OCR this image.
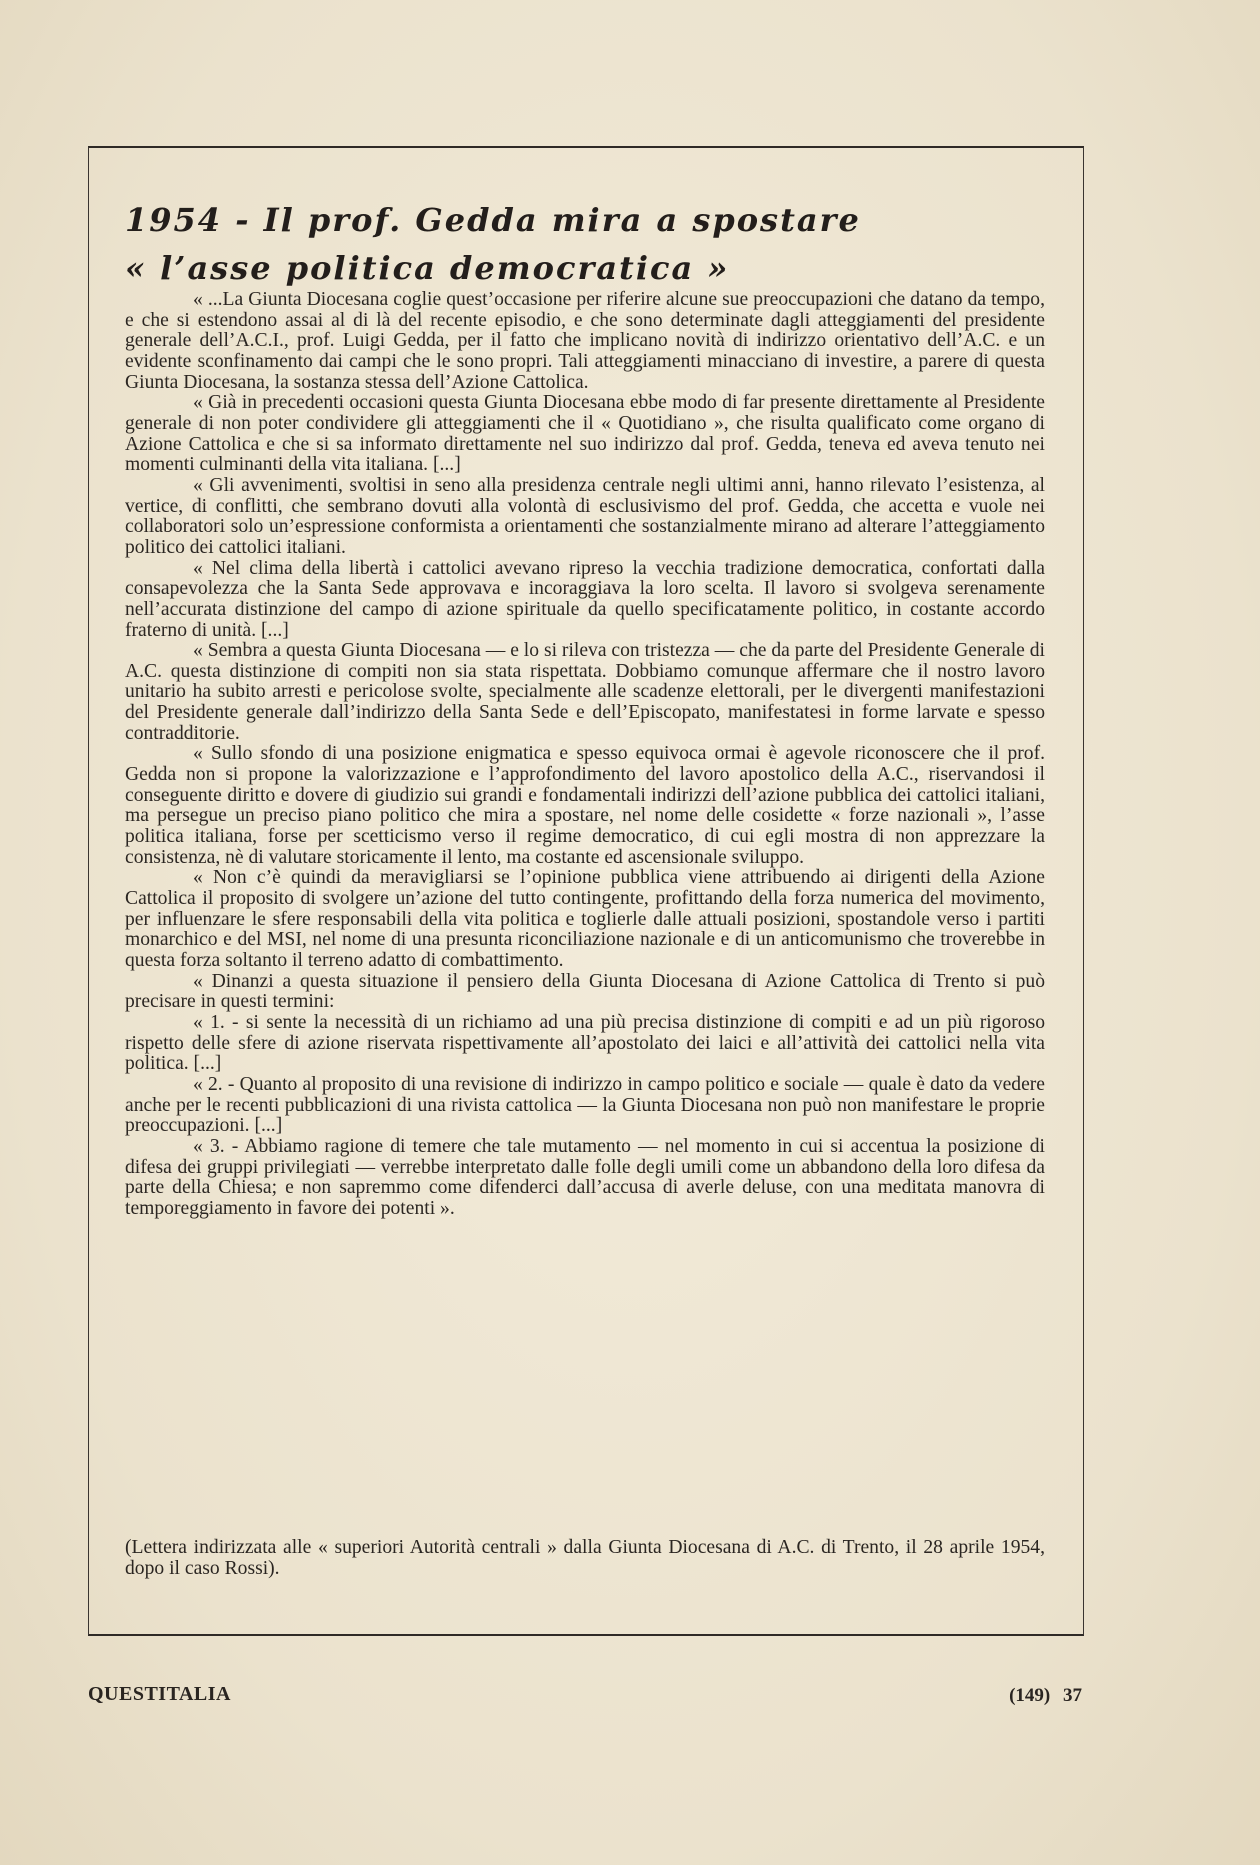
1954 - Il prof. Gedda mira a spostare
« l’asse politica democratica »

« ...La Giunta Diocesana coglie quest’occasione per riferire alcune sue preoccupazioni che datano da tempo, e che si estendono assai al di là del recente episodio, e che sono determinate dagli atteggiamenti del presidente generale dell’A.C.I., prof. Luigi Gedda, per il fatto che implicano novità di indirizzo orientativo dell’A.C. e un evidente sconfinamento dai campi che le sono propri. Tali atteggiamenti minacciano di investire, a parere di questa Giunta Diocesana, la sostanza stessa dell’Azione Cattolica.

« Già in precedenti occasioni questa Giunta Diocesana ebbe modo di far presente direttamente al Presidente generale di non poter condividere gli atteggiamenti che il « Quotidiano », che risulta qualificato come organo di Azione Cattolica e che si sa informato direttamente nel suo indirizzo dal prof. Gedda, teneva ed aveva tenuto nei momenti culminanti della vita italiana. [...]

« Gli avvenimenti, svoltisi in seno alla presidenza centrale negli ultimi anni, hanno rilevato l’esistenza, al vertice, di conflitti, che sembrano dovuti alla volontà di esclusivismo del prof. Gedda, che accetta e vuole nei collaboratori solo un’espressione conformista a orientamenti che sostanzialmente mirano ad alterare l’atteggiamento politico dei cattolici italiani.

« Nel clima della libertà i cattolici avevano ripreso la vecchia tradizione democratica, confortati dalla consapevolezza che la Santa Sede approvava e incoraggiava la loro scelta. Il lavoro si svolgeva serenamente nell’accurata distinzione del campo di azione spirituale da quello specificatamente politico, in costante accordo fraterno di unità. [...]

« Sembra a questa Giunta Diocesana — e lo si rileva con tristezza — che da parte del Presidente Generale di A.C. questa distinzione di compiti non sia stata rispettata. Dobbiamo comunque affermare che il nostro lavoro unitario ha subito arresti e pericolose svolte, specialmente alle scadenze elettorali, per le divergenti manifestazioni del Presidente generale dall’indirizzo della Santa Sede e dell’Episcopato, manifestatesi in forme larvate e spesso contradditorie.

« Sullo sfondo di una posizione enigmatica e spesso equivoca ormai è agevole riconoscere che il prof. Gedda non si propone la valorizzazione e l’approfondimento del lavoro apostolico della A.C., riservandosi il conseguente diritto e dovere di giudizio sui grandi e fondamentali indirizzi dell’azione pubblica dei cattolici italiani, ma persegue un preciso piano politico che mira a spostare, nel nome delle cosidette « forze nazionali », l’asse politica italiana, forse per scetticismo verso il regime democratico, di cui egli mostra di non apprezzare la consistenza, nè di valutare storicamente il lento, ma costante ed ascensionale sviluppo.

« Non c’è quindi da meravigliarsi se l’opinione pubblica viene attribuendo ai dirigenti della Azione Cattolica il proposito di svolgere un’azione del tutto contingente, profittando della forza numerica del movimento, per influenzare le sfere responsabili della vita politica e toglierle dalle attuali posizioni, spostandole verso i partiti monarchico e del MSI, nel nome di una presunta riconciliazione nazionale e di un anticomunismo che troverebbe in questa forza soltanto il terreno adatto di combattimento.

« Dinanzi a questa situazione il pensiero della Giunta Diocesana di Azione Cattolica di Trento si può precisare in questi termini:

« 1. - si sente la necessità di un richiamo ad una più precisa distinzione di compiti e ad un più rigoroso rispetto delle sfere di azione riservata rispettivamente all’apostolato dei laici e all’attività dei cattolici nella vita politica. [...]

« 2. - Quanto al proposito di una revisione di indirizzo in campo politico e sociale — quale è dato da vedere anche per le recenti pubblicazioni di una rivista cattolica — la Giunta Diocesana non può non manifestare le proprie preoccupazioni. [...]

« 3. - Abbiamo ragione di temere che tale mutamento — nel momento in cui si accentua la posizione di difesa dei gruppi privilegiati — verrebbe interpretato dalle folle degli umili come un abbandono della loro difesa da parte della Chiesa; e non sapremmo come difenderci dall’accusa di averle deluse, con una meditata manovra di temporeggiamento in favore dei potenti ».

(Lettera indirizzata alle « superiori Autorità centrali » dalla Giunta Diocesana di A.C. di Trento, il 28 aprile 1954, dopo il caso Rossi).

QUESTITALIA	(149) 37
